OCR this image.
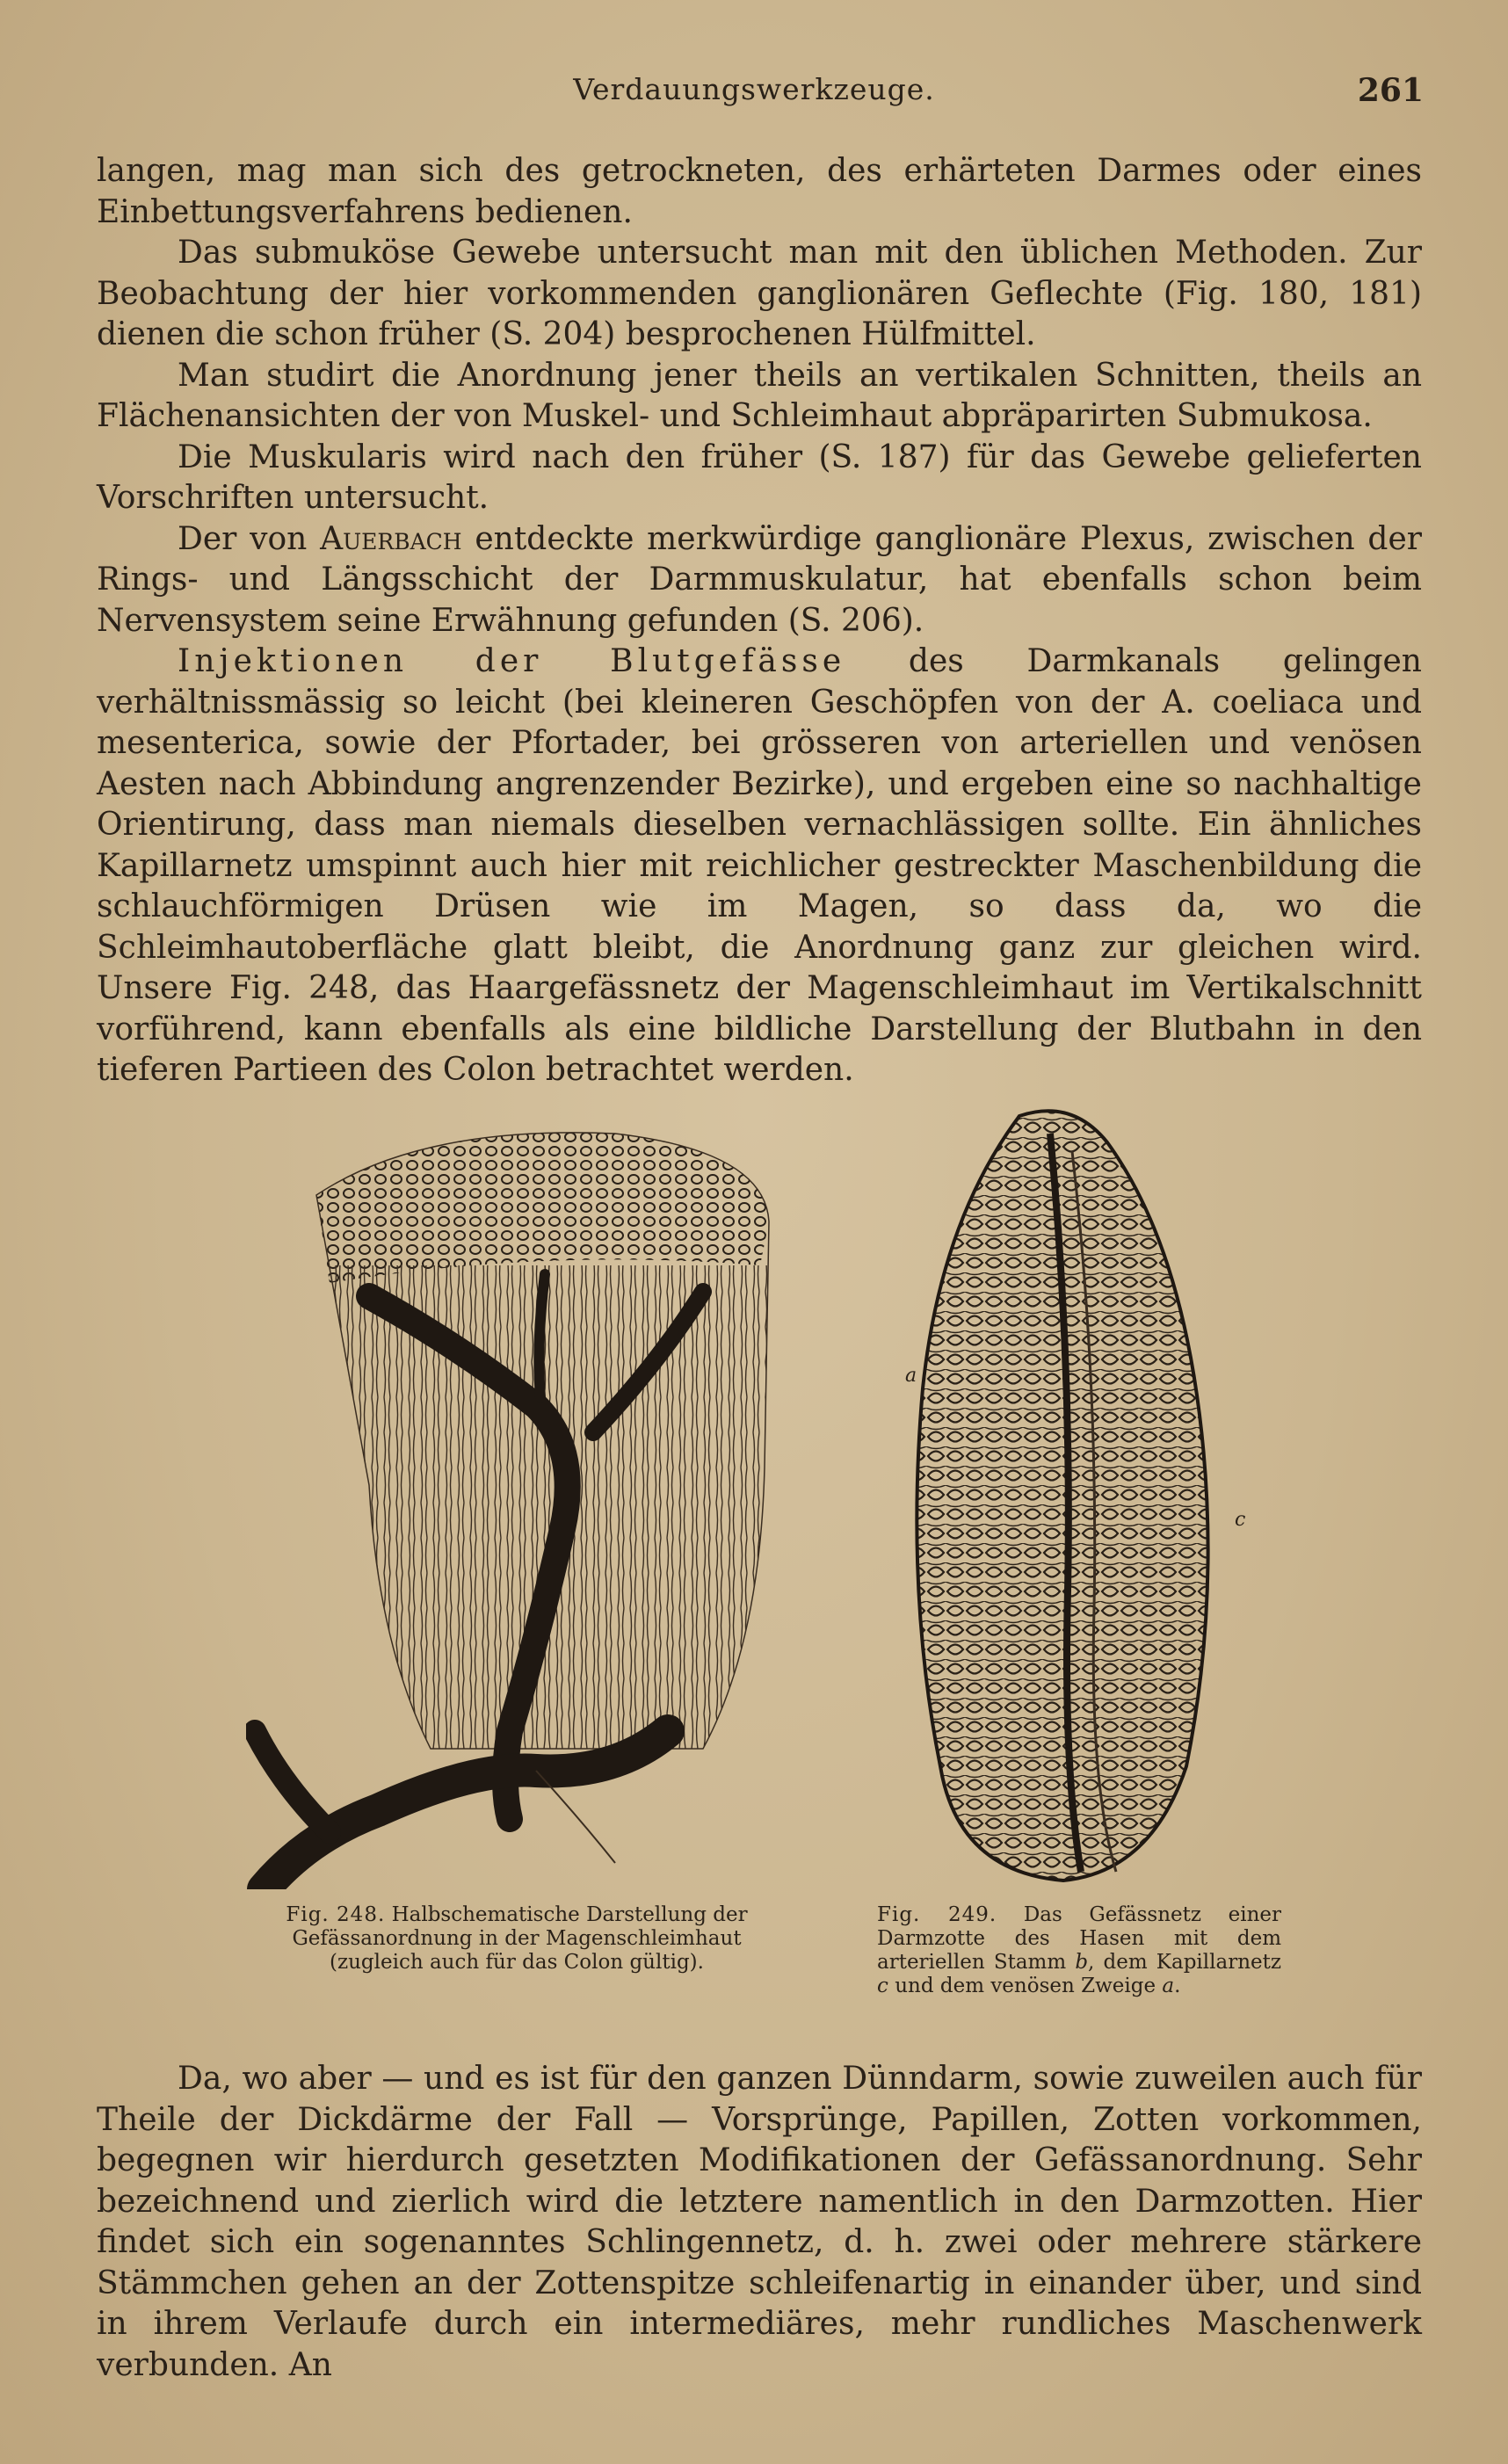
Verdauungswerkzeuge.	261

langen, mag man sich des getrockneten, des erhärteten Darmes oder eines Einbettungsverfahrens bedienen.

Das submuköse Gewebe untersucht man mit den üblichen Methoden. Zur Beobachtung der hier vorkommenden ganglionären Geflechte (Fig. 180, 181) dienen die schon früher (S. 204) besprochenen Hülfmittel.

Man studirt die Anordnung jener theils an vertikalen Schnitten, theils an Flächenansichten der von Muskel- und Schleimhaut abpräparirten Submukosa.

Die Muskularis wird nach den früher (S. 187) für das Gewebe gelieferten Vorschriften untersucht.

Der von Auerbach entdeckte merkwürdige ganglionäre Plexus, zwischen der Rings- und Längsschicht der Darmmuskulatur, hat ebenfalls schon beim Nervensystem seine Erwähnung gefunden (S. 206).

Injektionen der Blutgefässe des Darmkanals gelingen verhältnissmässig so leicht (bei kleineren Geschöpfen von der A. coeliaca und mesenterica, sowie der Pfortader, bei grösseren von arteriellen und venösen Aesten nach Abbindung angrenzender Bezirke), und ergeben eine so nachhaltige Orientirung, dass man niemals dieselben vernachlässigen sollte. Ein ähnliches Kapillarnetz umspinnt auch hier mit reichlicher gestreckter Maschenbildung die schlauchförmigen Drüsen wie im Magen, so dass da, wo die Schleimhautoberfläche glatt bleibt, die Anordnung ganz zur gleichen wird. Unsere Fig. 248, das Haargefässnetz der Magenschleimhaut im Vertikalschnitt vorführend, kann ebenfalls als eine bildliche Darstellung der Blutbahn in den tieferen Partieen des Colon betrachtet werden.

a
c
Fig. 248. Halbschematische Darstellung der Gefässanordnung in der Magenschleimhaut (zugleich auch für das Colon gültig).
Fig. 249. Das Gefässnetz einer Darmzotte des Hasen mit dem arteriellen Stamm b, dem Kapillarnetz c und dem venösen Zweige a.

Da, wo aber — und es ist für den ganzen Dünndarm, sowie zuweilen auch für Theile der Dickdärme der Fall — Vorsprünge, Papillen, Zotten vorkommen, begegnen wir hierdurch gesetzten Modifikationen der Gefässanordnung. Sehr bezeichnend und zierlich wird die letztere namentlich in den Darmzotten. Hier findet sich ein sogenanntes Schlingennetz, d. h. zwei oder mehrere stärkere Stämmchen gehen an der Zottenspitze schleifenartig in einander über, und sind in ihrem Verlaufe durch ein intermediäres, mehr rundliches Maschenwerk verbunden. An
